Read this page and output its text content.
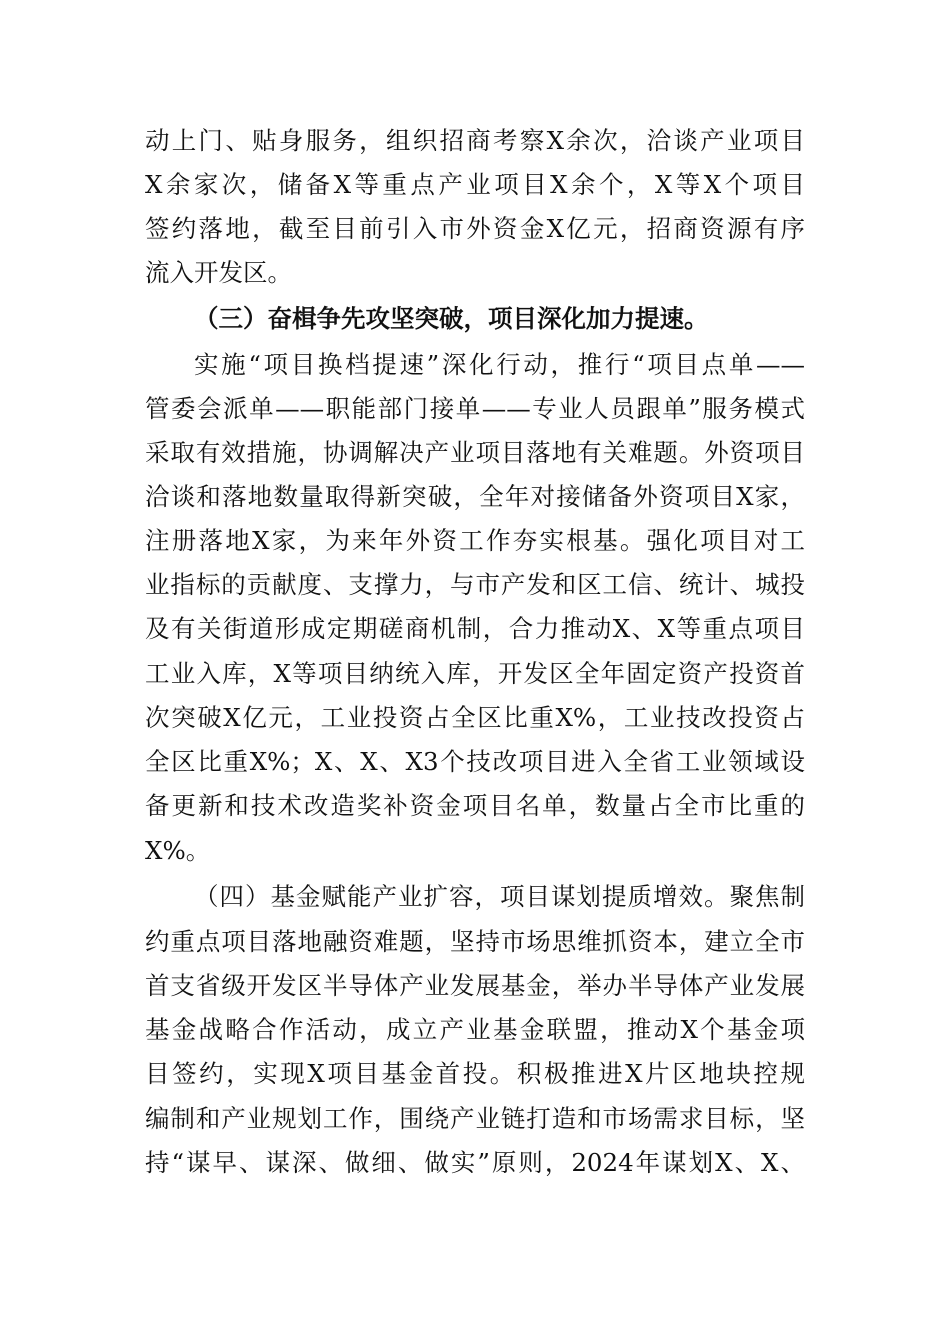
动上门、贴身服务，组织招商考察X余次，洽谈产业项目
X余家次，储备X等重点产业项目X余个，X等X个项目
签约落地，截至目前引入市外资金X亿元，招商资源有序
流入开发区。
（三）奋楫争先攻坚突破，项目深化加力提速。
实施“项目换档提速”深化行动，推行“项目点单——
管委会派单——职能部门接单——专业人员跟单”服务模式
采取有效措施，协调解决产业项目落地有关难题。外资项目
洽谈和落地数量取得新突破，全年对接储备外资项目X家，
注册落地X家，为来年外资工作夯实根基。强化项目对工
业指标的贡献度、支撑力，与市产发和区工信、统计、城投
及有关街道形成定期磋商机制，合力推动X、X等重点项目
工业入库，X等项目纳统入库，开发区全年固定资产投资首
次突破X亿元，工业投资占全区比重X%，工业技改投资占
全区比重X%；X、X、X3个技改项目进入全省工业领域设
备更新和技术改造奖补资金项目名单，数量占全市比重的
X%。
（四）基金赋能产业扩容，项目谋划提质增效。聚焦制
约重点项目落地融资难题，坚持市场思维抓资本，建立全市
首支省级开发区半导体产业发展基金，举办半导体产业发展
基金战略合作活动，成立产业基金联盟，推动X个基金项
目签约，实现X项目基金首投。积极推进X片区地块控规
编制和产业规划工作，围绕产业链打造和市场需求目标，坚
持“谋早、谋深、做细、做实”原则，2024年谋划X、X、
